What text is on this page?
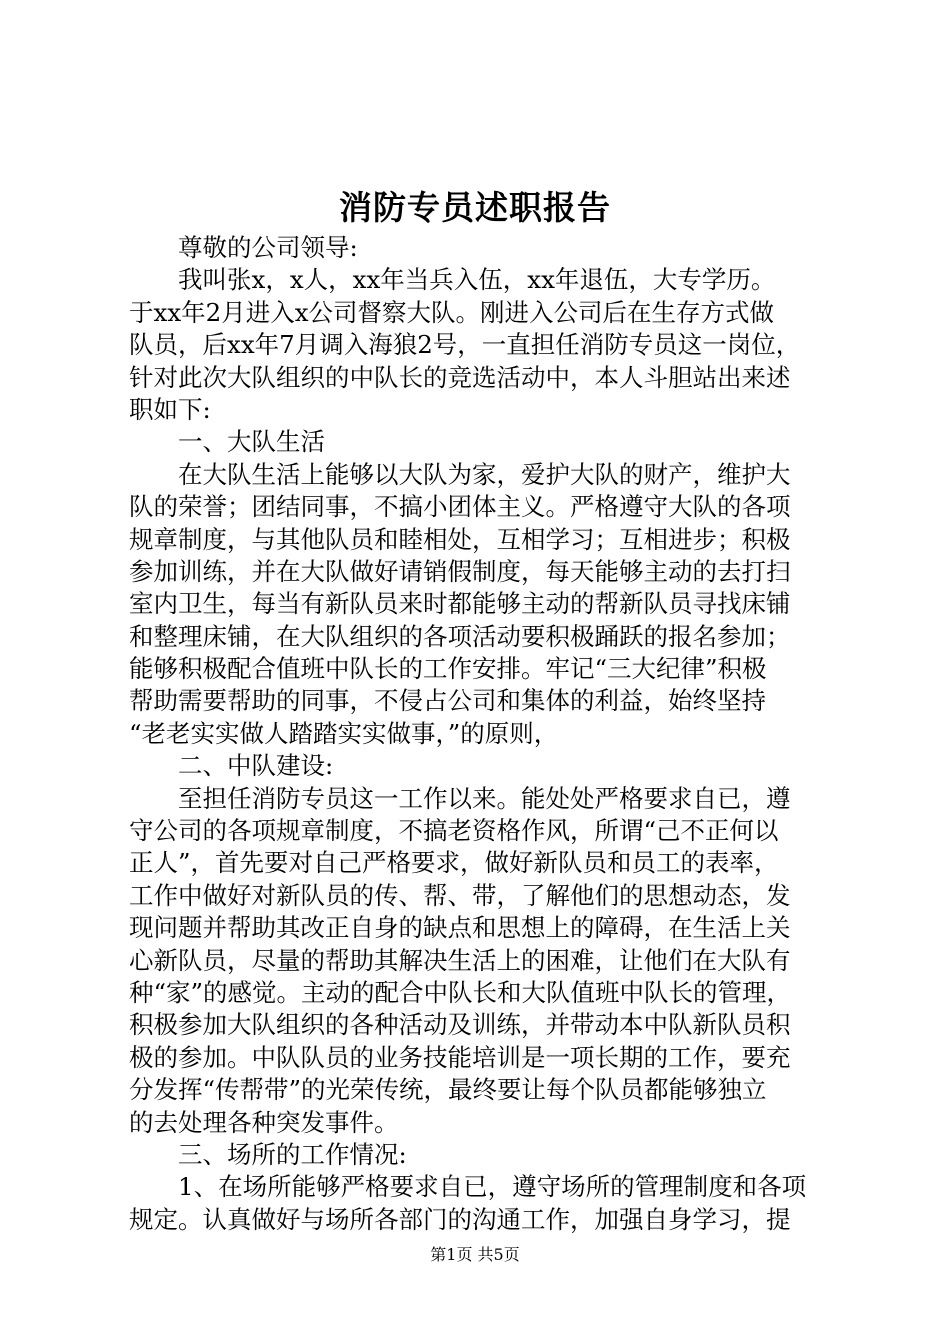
消防专员述职报告
尊敬的公司领导:
我叫张x，x人，xx年当兵入伍，xx年退伍，大专学历。
于xx年2月进入x公司督察大队。刚进入公司后在生存方式做
队员，后xx年7月调入海狼2号，一直担任消防专员这一岗位，
针对此次大队组织的中队长的竞选活动中，本人斗胆站出来述
职如下:
一、大队生活
在大队生活上能够以大队为家，爱护大队的财产，维护大
队的荣誉；团结同事，不搞小团体主义。严格遵守大队的各项
规章制度，与其他队员和睦相处，互相学习；互相进步；积极
参加训练，并在大队做好请销假制度，每天能够主动的去打扫
室内卫生，每当有新队员来时都能够主动的帮新队员寻找床铺
和整理床铺，在大队组织的各项活动要积极踊跃的报名参加；
能够积极配合值班中队长的工作安排。牢记“三大纪律”积极
帮助需要帮助的同事，不侵占公司和集体的利益，始终坚持
“老老实实做人踏踏实实做事，”的原则，
二、中队建设:
至担任消防专员这一工作以来。能处处严格要求自已，遵
守公司的各项规章制度，不搞老资格作风，所谓“己不正何以
正人”，首先要对自己严格要求，做好新队员和员工的表率，
工作中做好对新队员的传、帮、带，了解他们的思想动态，发
现问题并帮助其改正自身的缺点和思想上的障碍，在生活上关
心新队员，尽量的帮助其解决生活上的困难，让他们在大队有
种“家”的感觉。主动的配合中队长和大队值班中队长的管理，
积极参加大队组织的各种活动及训练，并带动本中队新队员积
极的参加。中队队员的业务技能培训是一项长期的工作，要充
分发挥“传帮带”的光荣传统，最终要让每个队员都能够独立
的去处理各种突发事件。
三、场所的工作情况:
1、在场所能够严格要求自已，遵守场所的管理制度和各项
规定。认真做好与场所各部门的沟通工作，加强自身学习，提
第1页 共5页
